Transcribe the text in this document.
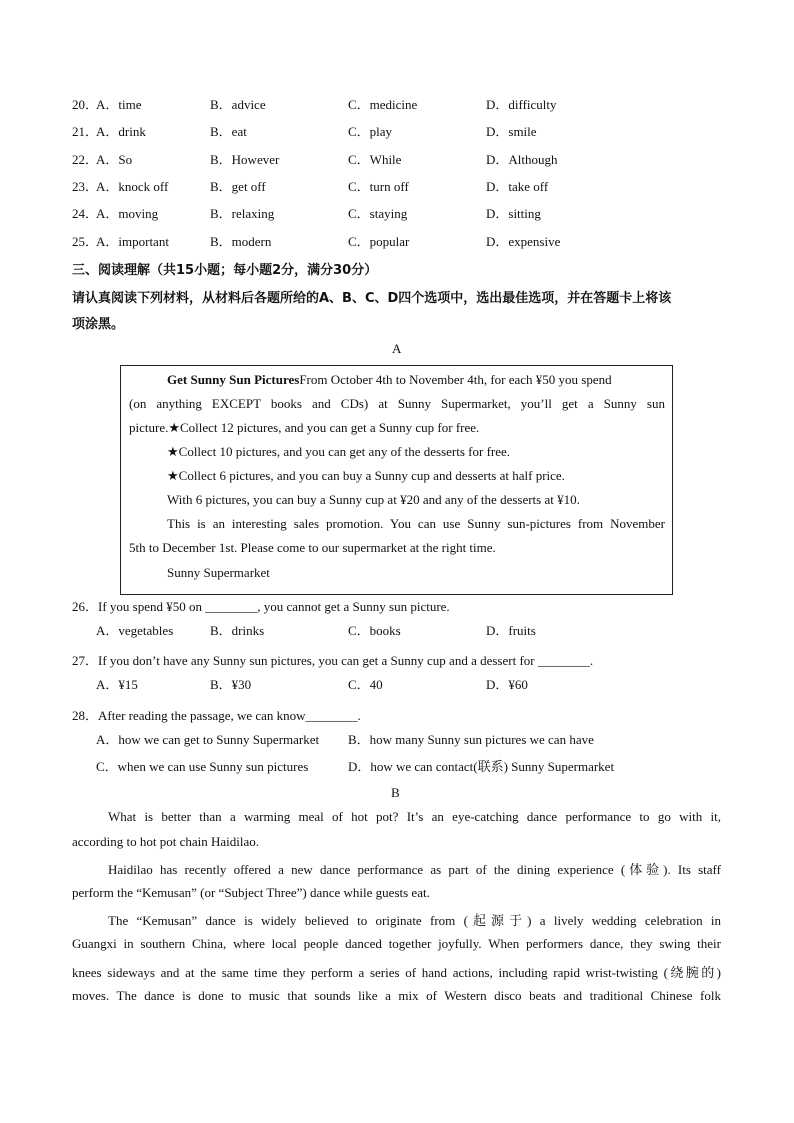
20．
A．time	B．advice	C．medicine	D．difficulty
21．
A．drink	B．eat	C．play	D．smile
22．
A．So	B．However	C．While	D．Although
23．
A．knock off	B．get off	C．turn off	D．take off
24．
A．moving	B．relaxing	C．staying	D．sitting
25．
A．important	B．modern	C．popular	D．expensive
三、阅读理解（共15小题；每小题2分，满分30分）
请认真阅读下列材料，从材料后各题所给的A、B、C、D四个选项中，选出最佳选项，并在答题卡上将该
项涂黑。
A
Get Sunny Sun PicturesFrom October 4th to November 4th, for each ¥50 you spend
(on anything EXCEPT books and CDs) at Sunny Supermarket, you’ll get a Sunny sun
picture.★Collect 12 pictures, and you can get a Sunny cup for free.
★Collect 10 pictures, and you can get any of the desserts for free.
★Collect 6 pictures, and you can buy a Sunny cup and desserts at half price.
With 6 pictures, you can buy a Sunny cup at ¥20 and any of the desserts at ¥10.
This is an interesting sales promotion. You can use Sunny sun-pictures from November
5th to December 1st. Please come to our supermarket at the right time.
Sunny Supermarket
26．If you spend ¥50 on ________, you cannot get a Sunny sun picture.
A．vegetables	B．drinks	C．books	D．fruits
27．If you don’t have any Sunny sun pictures, you can get a Sunny cup and a dessert for ________.
A．¥15	B．¥30	C．40	D．¥60
28．After reading the passage, we can know________.
A．how we can get to Sunny Supermarket B．how many Sunny sun pictures we can have
C．when we can use Sunny sun pictures	D．how we can contact(联系) Sunny Supermarket
B
What is better than a warming meal of hot pot? It’s an eye-catching dance performance to go with it,
according to hot pot chain Haidilao.
Haidilao has recently offered a new dance performance as part of the dining experience (体验). Its staff
perform the “Kemusan” (or “Subject Three”) dance while guests eat.
The “Kemusan” dance is widely believed to originate from (起源于) a lively wedding celebration in
Guangxi in southern China, where local people danced together joyfully. When performers dance, they swing their
knees sideways and at the same time they perform a series of hand actions, including rapid wrist-twisting (绕腕的)
moves. The dance is done to music that sounds like a mix of Western disco beats and traditional Chinese folk
